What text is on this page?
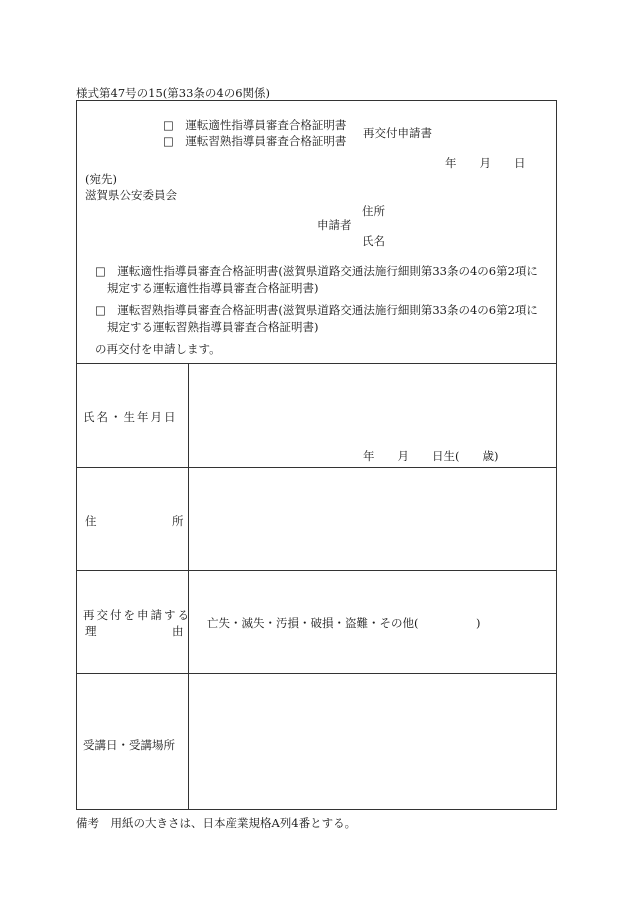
様式第47号の15(第33条の4の6関係)
□　運転適性指導員審査合格証明書
□　運転習熟指導員審査合格証明書
再交付申請書
年　　月　　日
(宛先)
滋賀県公安委員会
住所
申請者
氏名
□　運転適性指導員審査合格証明書(滋賀県道路交通法施行細則第33条の4の6第2項に
規定する運転適性指導員審査合格証明書)
□　運転習熟指導員審査合格証明書(滋賀県道路交通法施行細則第33条の4の6第2項に
規定する運転習熟指導員審査合格証明書)
の再交付を申請します。
氏名・生年月日
年　　月　　日生(　　歳)
住	所
再交付を申請する
理	由
亡失・滅失・汚損・破損・盗難・その他(　　　　　)
受講日・受講場所
備考　用紙の大きさは、日本産業規格A列4番とする。
